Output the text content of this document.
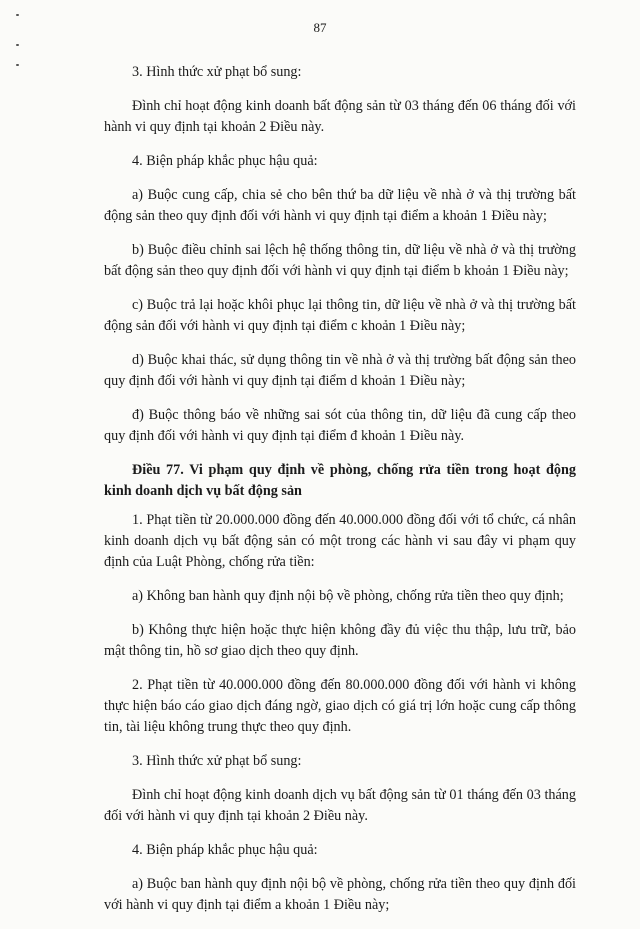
87

3. Hình thức xử phạt bổ sung:

Đình chỉ hoạt động kinh doanh bất động sản từ 03 tháng đến 06 tháng đối với hành vi quy định tại khoản 2 Điều này.

4. Biện pháp khắc phục hậu quả:

a) Buộc cung cấp, chia sẻ cho bên thứ ba dữ liệu về nhà ở và thị trường bất động sản theo quy định đối với hành vi quy định tại điểm a khoản 1 Điều này;

b) Buộc điều chỉnh sai lệch hệ thống thông tin, dữ liệu về nhà ở và thị trường bất động sản theo quy định đối với hành vi quy định tại điểm b khoản 1 Điều này;

c) Buộc trả lại hoặc khôi phục lại thông tin, dữ liệu về nhà ở và thị trường bất động sản đối với hành vi quy định tại điểm c khoản 1 Điều này;

d) Buộc khai thác, sử dụng thông tin về nhà ở và thị trường bất động sản theo quy định đối với hành vi quy định tại điểm d khoản 1 Điều này;

đ) Buộc thông báo về những sai sót của thông tin, dữ liệu đã cung cấp theo quy định đối với hành vi quy định tại điểm đ khoản 1 Điều này.

Điều 77. Vi phạm quy định về phòng, chống rửa tiền trong hoạt động kinh doanh dịch vụ bất động sản

1. Phạt tiền từ 20.000.000 đồng đến 40.000.000 đồng đối với tổ chức, cá nhân kinh doanh dịch vụ bất động sản có một trong các hành vi sau đây vi phạm quy định của Luật Phòng, chống rửa tiền:

a) Không ban hành quy định nội bộ về phòng, chống rửa tiền theo quy định;

b) Không thực hiện hoặc thực hiện không đầy đủ việc thu thập, lưu trữ, bảo mật thông tin, hồ sơ giao dịch theo quy định.

2. Phạt tiền từ 40.000.000 đồng đến 80.000.000 đồng đối với hành vi không thực hiện báo cáo giao dịch đáng ngờ, giao dịch có giá trị lớn hoặc cung cấp thông tin, tài liệu không trung thực theo quy định.

3. Hình thức xử phạt bổ sung:

Đình chỉ hoạt động kinh doanh dịch vụ bất động sản từ 01 tháng đến 03 tháng đối với hành vi quy định tại khoản 2 Điều này.

4. Biện pháp khắc phục hậu quả:

a) Buộc ban hành quy định nội bộ về phòng, chống rửa tiền theo quy định đối với hành vi quy định tại điểm a khoản 1 Điều này;
